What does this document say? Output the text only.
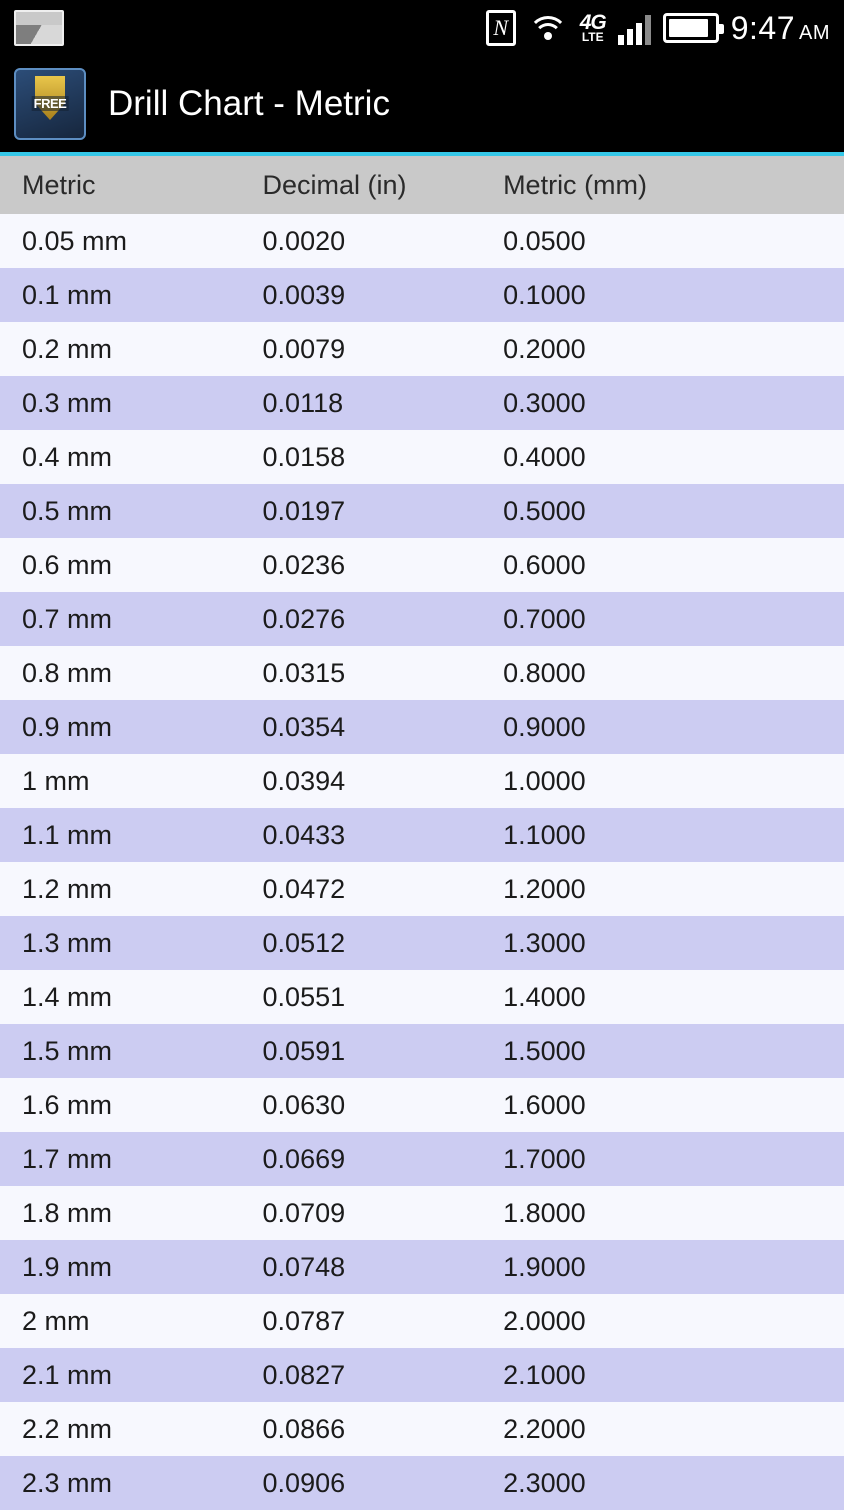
N
4G
LTE	9:47 AM
FREE Drill Chart - Metric
Metric	Decimal (in)	Metric (mm)
0.05 mm	0.0020	0.0500
0.1 mm	0.0039	0.1000
0.2 mm	0.0079	0.2000
0.3 mm	0.0118	0.3000
0.4 mm	0.0158	0.4000
0.5 mm	0.0197	0.5000
0.6 mm	0.0236	0.6000
0.7 mm	0.0276	0.7000
0.8 mm	0.0315	0.8000
0.9 mm	0.0354	0.9000
1 mm	0.0394	1.0000
1.1 mm	0.0433	1.1000
1.2 mm	0.0472	1.2000
1.3 mm	0.0512	1.3000
1.4 mm	0.0551	1.4000
1.5 mm	0.0591	1.5000
1.6 mm	0.0630	1.6000
1.7 mm	0.0669	1.7000
1.8 mm	0.0709	1.8000
1.9 mm	0.0748	1.9000
2 mm	0.0787	2.0000
2.1 mm	0.0827	2.1000
2.2 mm	0.0866	2.2000
2.3 mm	0.0906	2.3000
